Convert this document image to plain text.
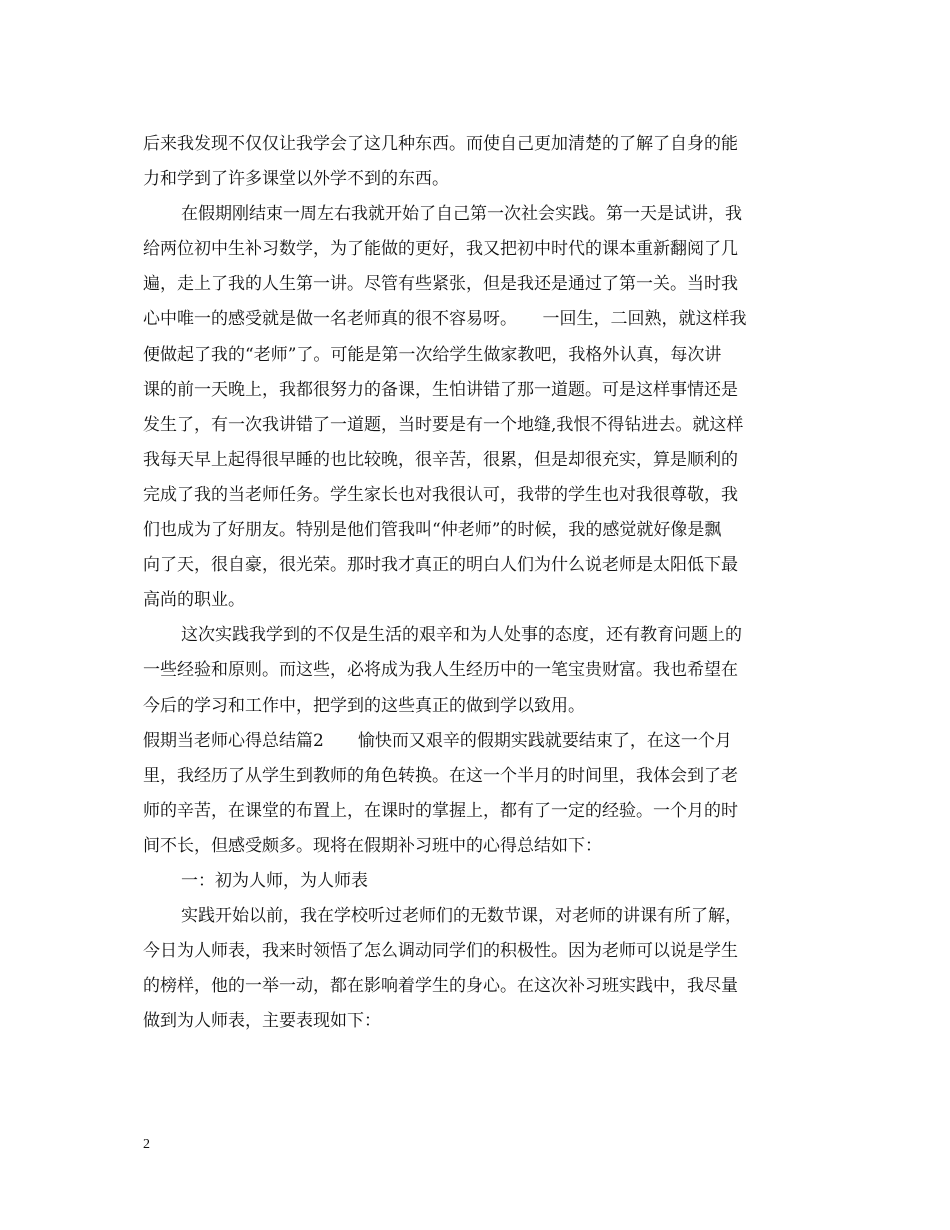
后来我发现不仅仅让我学会了这几种东西。而使自己更加清楚的了解了自身的能
力和学到了许多课堂以外学不到的东西。
在假期刚结束一周左右我就开始了自己第一次社会实践。第一天是试讲，我
给两位初中生补习数学，为了能做的更好，我又把初中时代的课本重新翻阅了几
遍，走上了我的人生第一讲。尽管有些紧张，但是我还是通过了第一关。当时我
心中唯一的感受就是做一名老师真的很不容易呀。　　一回生，二回熟，就这样我
便做起了我的“老师”了。可能是第一次给学生做家教吧，我格外认真，每次讲
课的前一天晚上，我都很努力的备课，生怕讲错了那一道题。可是这样事情还是
发生了，有一次我讲错了一道题，当时要是有一个地缝,我恨不得钻进去。就这样
我每天早上起得很早睡的也比较晚，很辛苦，很累，但是却很充实，算是顺利的
完成了我的当老师任务。学生家长也对我很认可，我带的学生也对我很尊敬，我
们也成为了好朋友。特别是他们管我叫“仲老师”的时候，我的感觉就好像是飘
向了天，很自豪，很光荣。那时我才真正的明白人们为什么说老师是太阳低下最
高尚的职业。
这次实践我学到的不仅是生活的艰辛和为人处事的态度，还有教育问题上的
一些经验和原则。而这些，必将成为我人生经历中的一笔宝贵财富。我也希望在
今后的学习和工作中，把学到的这些真正的做到学以致用。
假期当老师心得总结篇2　　愉快而又艰辛的假期实践就要结束了，在这一个月
里，我经历了从学生到教师的角色转换。在这一个半月的时间里，我体会到了老
师的辛苦，在课堂的布置上，在课时的掌握上，都有了一定的经验。一个月的时
间不长，但感受颇多。现将在假期补习班中的心得总结如下：
一：初为人师，为人师表
实践开始以前，我在学校听过老师们的无数节课，对老师的讲课有所了解，
今日为人师表，我来时领悟了怎么调动同学们的积极性。因为老师可以说是学生
的榜样，他的一举一动，都在影响着学生的身心。在这次补习班实践中，我尽量
做到为人师表，主要表现如下：
2
